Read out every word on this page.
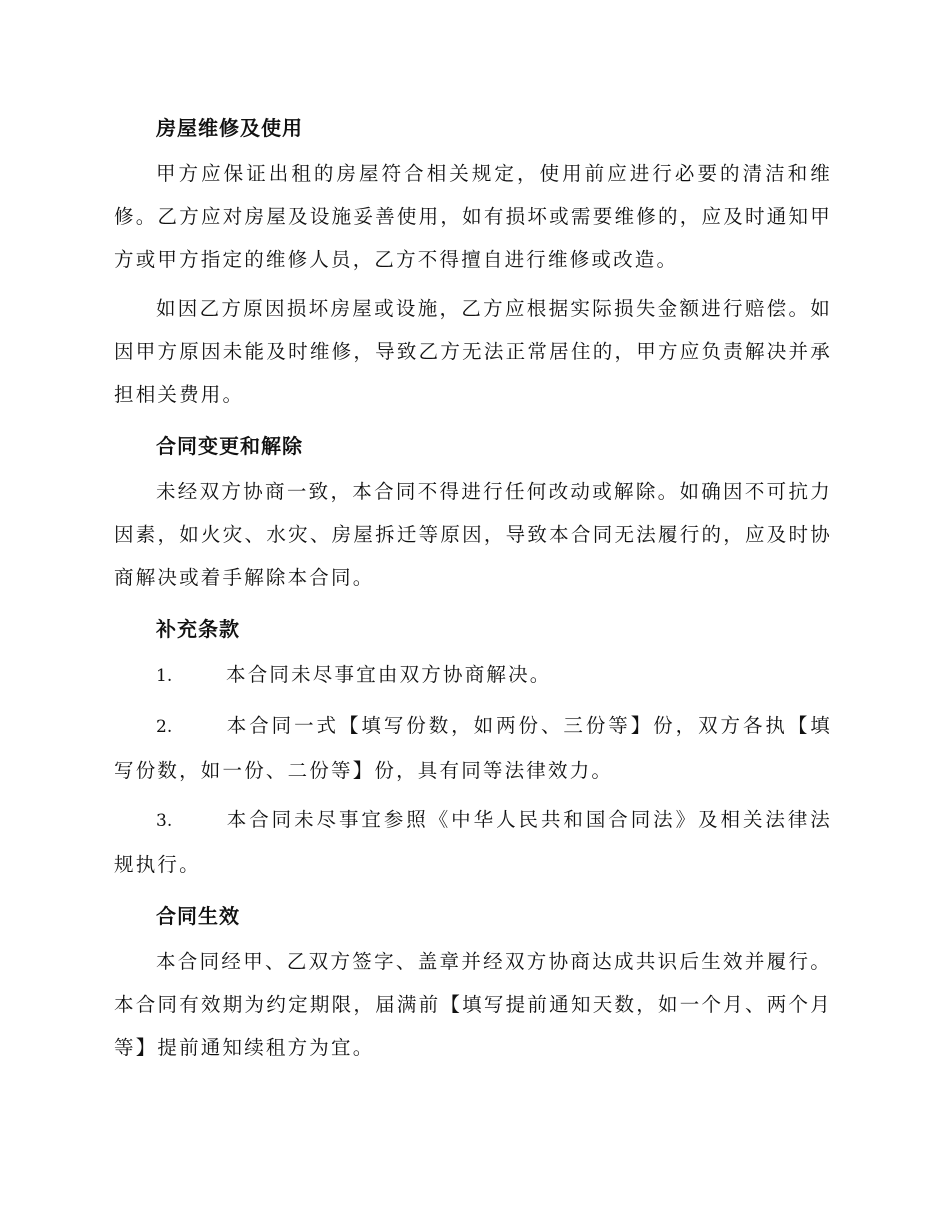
房屋维修及使用

甲方应保证出租的房屋符合相关规定，使用前应进行必要的清洁和维修。乙方应对房屋及设施妥善使用，如有损坏或需要维修的，应及时通知甲方或甲方指定的维修人员，乙方不得擅自进行维修或改造。

如因乙方原因损坏房屋或设施，乙方应根据实际损失金额进行赔偿。如因甲方原因未能及时维修，导致乙方无法正常居住的，甲方应负责解决并承担相关费用。

合同变更和解除

未经双方协商一致，本合同不得进行任何改动或解除。如确因不可抗力因素，如火灾、水灾、房屋拆迁等原因，导致本合同无法履行的，应及时协商解决或着手解除本合同。

补充条款

1.	本合同未尽事宜由双方协商解决。

2.	本合同一式【填写份数，如两份、三份等】份，双方各执【填写份数，如一份、二份等】份，具有同等法律效力。

3.	本合同未尽事宜参照《中华人民共和国合同法》及相关法律法规执行。

合同生效

本合同经甲、乙双方签字、盖章并经双方协商达成共识后生效并履行。本合同有效期为约定期限，届满前【填写提前通知天数，如一个月、两个月等】提前通知续租方为宜。
